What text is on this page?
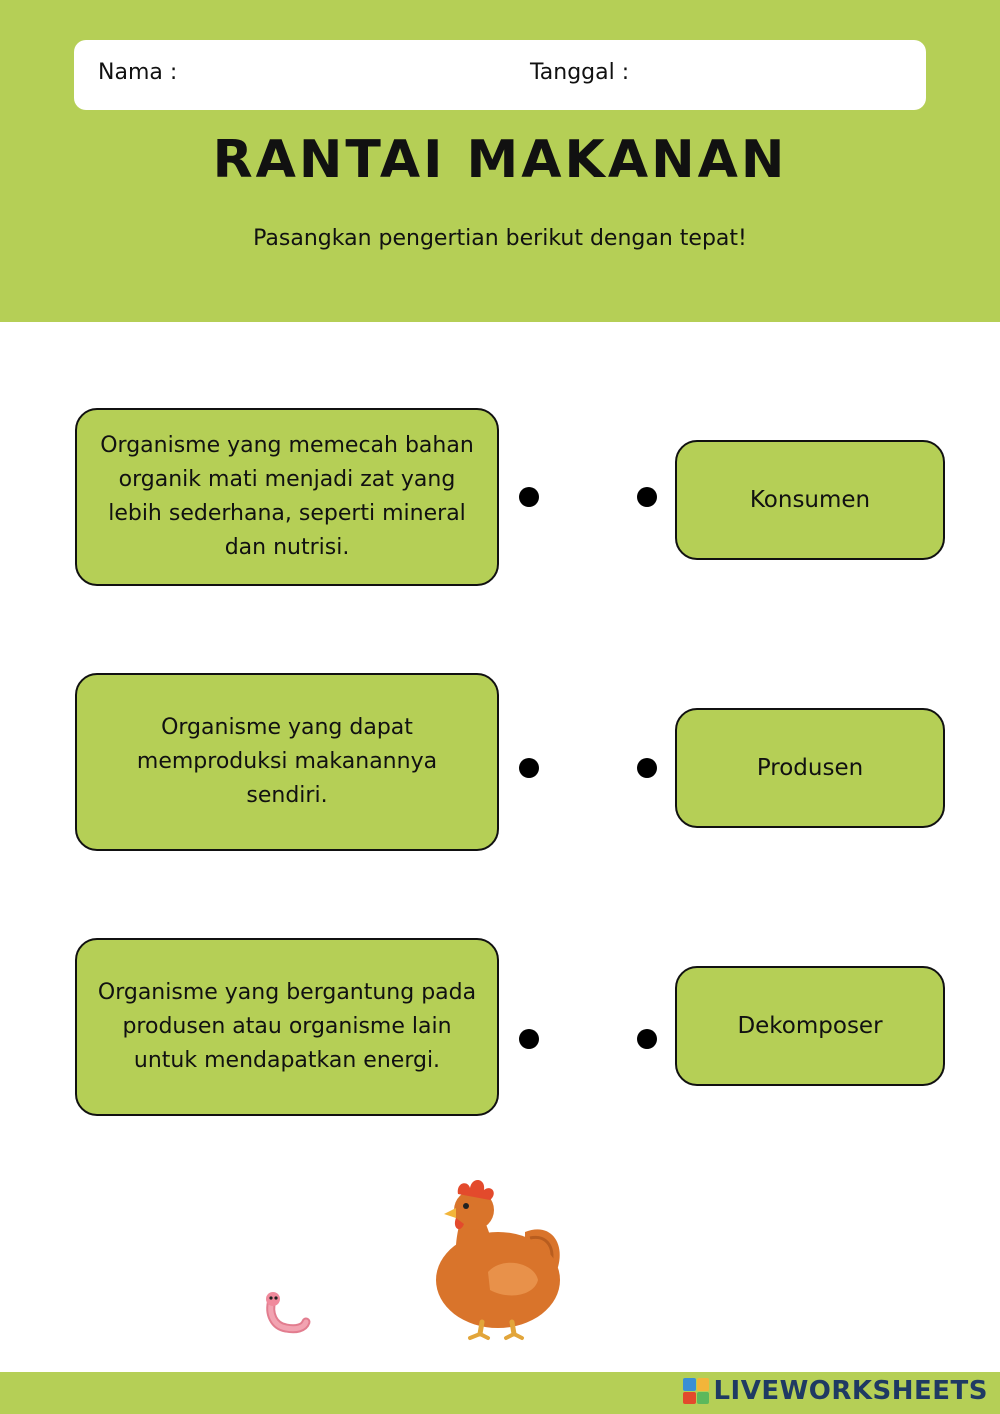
Nama :	Tanggal :
RANTAI MAKANAN
Pasangkan pengertian berikut dengan tepat!
Organisme yang memecah bahan organik mati menjadi zat yang lebih sederhana, seperti mineral dan nutrisi.
Organisme yang dapat memproduksi makanannya sendiri.
Organisme yang bergantung pada produsen atau organisme lain untuk mendapatkan energi.
Konsumen
Produsen
Dekomposer
LIVEWORKSHEETS
